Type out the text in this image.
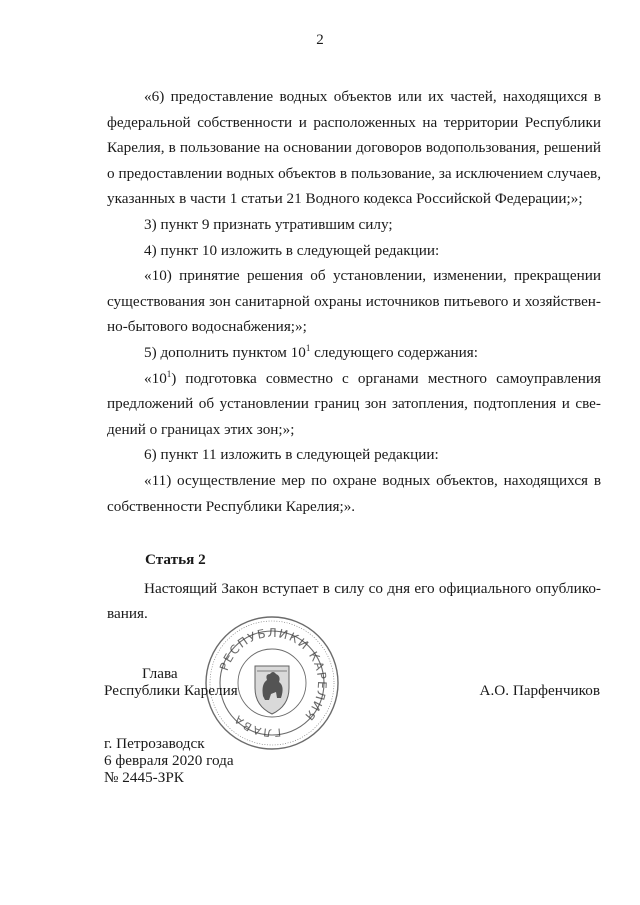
2

«6) предоставление водных объектов или их частей, находящихся в федеральной собственности и расположенных на территории Республики Карелия, в пользование на основании договоров водопользования, решений о предоставлении водных объектов в пользование, за исключением случаев, указанных в части 1 статьи 21 Водного кодекса Российской Федерации;»;

3) пункт 9 признать утратившим силу;

4) пункт 10 изложить в следующей редакции:

«10) принятие решения об установлении, изменении, прекращении существования зон санитарной охраны источников питьевого и хозяйствен-но-бытового водоснабжения;»;

5) дополнить пунктом $10^1$ следующего содержания:

«$10^1$) подготовка совместно с органами местного самоуправления предложений об установлении границ зон затопления, подтопления и све-дений о границах этих зон;»;

6) пункт 11 изложить в следующей редакции:

«11) осуществление мер по охране водных объектов, находящихся в собственности Республики Карелия;».

Статья 2

Настоящий Закон вступает в силу со дня его официального опублико-вания.

РЕСПУБЛИКИ КАРЕЛИЯ
ГЛАВА
Глава
Республики Карелия	А.О. Парфенчиков
г. Петрозаводск
6 февраля 2020 года
№ 2445-ЗРК
